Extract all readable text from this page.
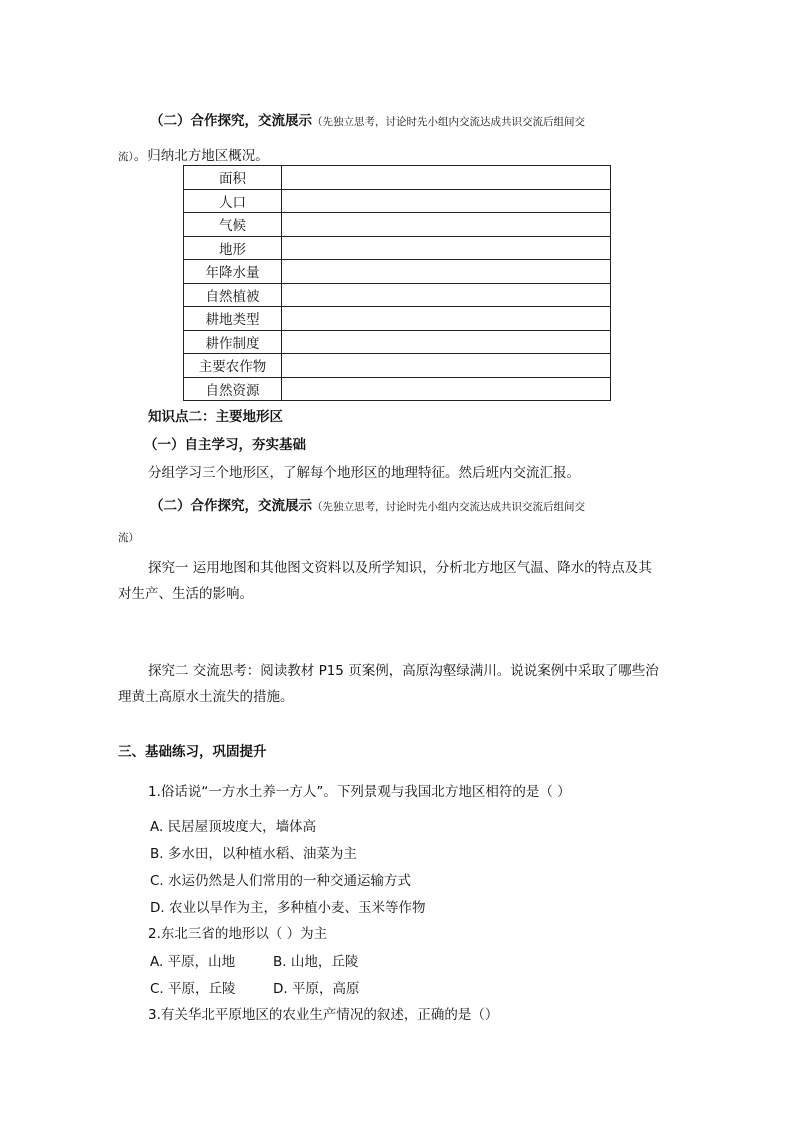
（二）合作探究，交流展示（先独立思考，讨论时先小组内交流达成共识交流后组间交
流）。归纳北方地区概况。
面积	
人口	
气候	
地形	
年降水量	
自然植被	
耕地类型	
耕作制度	
主要农作物	
自然资源	
知识点二：主要地形区
（一）自主学习，夯实基础
分组学习三个地形区，了解每个地形区的地理特征。然后班内交流汇报。
（二）合作探究，交流展示（先独立思考，讨论时先小组内交流达成共识交流后组间交
流）
探究一 运用地图和其他图文资料以及所学知识，分析北方地区气温、降水的特点及其
对生产、生活的影响。
探究二 交流思考：阅读教材 P15 页案例，高原沟壑绿满川。说说案例中采取了哪些治
理黄土高原水土流失的措施。
三、基础练习，巩固提升
1.俗话说“一方水土养一方人”。下列景观与我国北方地区相符的是（ ）
A. 民居屋顶坡度大，墙体高
B. 多水田，以种植水稻、油菜为主
C. 水运仍然是人们常用的一种交通运输方式
D. 农业以旱作为主，多种植小麦、玉米等作物
2.东北三省的地形以（ ）为主
A. 平原，山地	B. 山地，丘陵
C. 平原，丘陵	D. 平原，高原
3.有关华北平原地区的农业生产情况的叙述，正确的是（）
